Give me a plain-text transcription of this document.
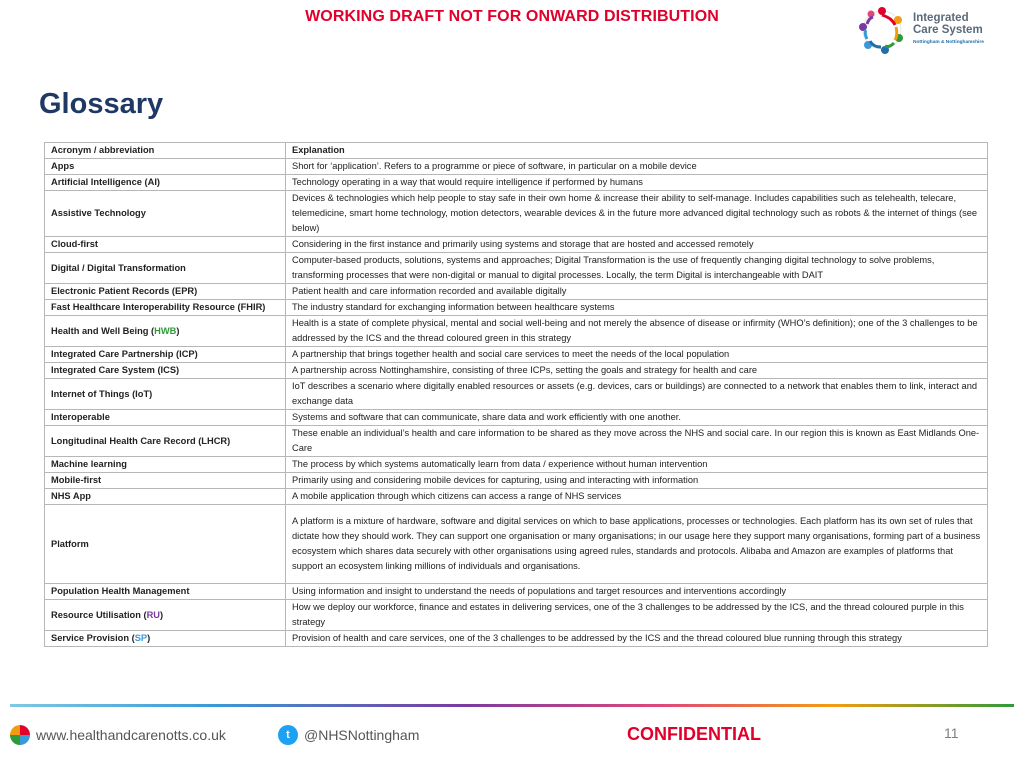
WORKING DRAFT NOT FOR ONWARD DISTRIBUTION	Integrated
Care System
Nottingham & Nottinghamshire
Glossary
Acronym / abbreviation	Explanation
Apps	Short for ‘application’. Refers to a programme or piece of software, in particular on a mobile device
Artificial Intelligence (AI)	Technology operating in a way that would require intelligence if performed by humans
Assistive Technology	Devices & technologies which help people to stay safe in their own home & increase their ability to self-manage. Includes capabilities such as telehealth, telecare, telemedicine, smart home technology, motion detectors, wearable devices & in the future more advanced digital technology such as robots & the internet of things (see below)
Cloud-first	Considering in the first instance and primarily using systems and storage that are hosted and accessed remotely
Digital / Digital Transformation	Computer-based products, solutions, systems and approaches; Digital Transformation is the use of frequently changing digital technology to solve problems, transforming processes that were non-digital or manual to digital processes. Locally, the term Digital is interchangeable with DAIT
Electronic Patient Records (EPR)	Patient health and care information recorded and available digitally
Fast Healthcare Interoperability Resource (FHIR)	The industry standard for exchanging information between healthcare systems
Health and Well Being (HWB)	Health is a state of complete physical, mental and social well-being and not merely the absence of disease or infirmity (WHO’s definition); one of the 3 challenges to be addressed by the ICS and the thread coloured green in this strategy
Integrated Care Partnership (ICP)	A partnership that brings together health and social care services to meet the needs of the local population
Integrated Care System (ICS)	A partnership across Nottinghamshire, consisting of three ICPs, setting the goals and strategy for health and care
Internet of Things (IoT)	IoT describes a scenario where digitally enabled resources or assets (e.g. devices, cars or buildings) are connected to a network that enables them to link, interact and exchange data
Interoperable	Systems and software that can communicate, share data and work efficiently with one another.
Longitudinal Health Care Record (LHCR)	These enable an individual’s health and care information to be shared as they move across the NHS and social care. In our region this is known as East Midlands One-Care
Machine learning	The process by which systems automatically learn from data / experience without human intervention
Mobile-first	Primarily using and considering mobile devices for capturing, using and interacting with information
NHS App	A mobile application through which citizens can access a range of NHS services
Platform	A platform is a mixture of hardware, software and digital services on which to base applications, processes or technologies. Each platform has its own set of rules that dictate how they should work. They can support one organisation or many organisations; in our usage here they support many organisations, forming part of a business ecosystem which shares data securely with other organisations using agreed rules, standards and protocols. Alibaba and Amazon are examples of platforms that support an ecosystem linking millions of individuals and organisations.
Population Health Management	Using information and insight to understand the needs of populations and target resources and interventions accordingly
Resource Utilisation (RU)	How we deploy our workforce, finance and estates in delivering services, one of the 3 challenges to be addressed by the ICS, and the thread coloured purple in this strategy
Service Provision (SP)	Provision of health and care services, one of the 3 challenges to be addressed by the ICS and the thread coloured blue running through this strategy
www.healthandcarenotts.co.uk	t	@NHSNottingham	CONFIDENTIAL	11
